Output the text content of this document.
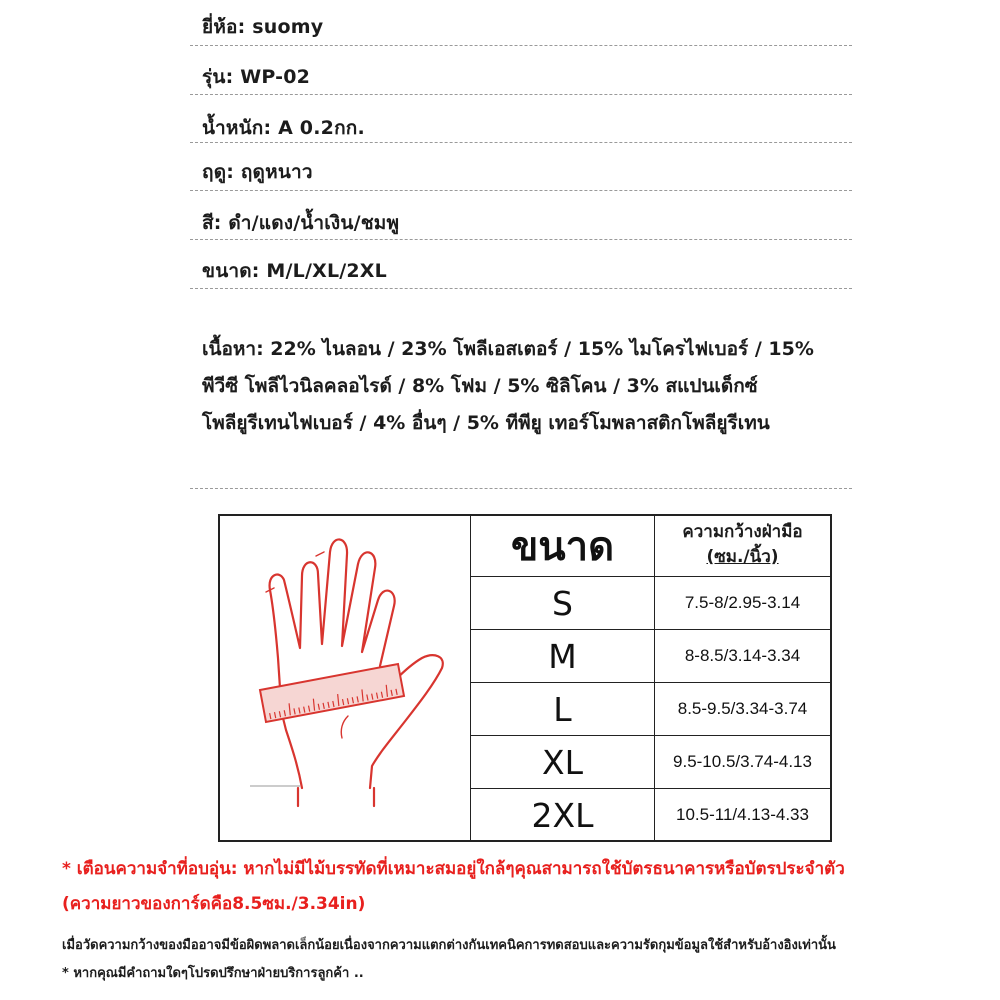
ยี่ห้อ: suomy
รุ่น: WP-02
น้ำหนัก: A 0.2กก.
ฤดู: ฤดูหนาว
สี: ดำ/แดง/น้ำเงิน/ชมพู
ขนาด: M/L/XL/2XL
เนื้อหา: 22% ไนลอน / 23% โพลีเอสเตอร์ / 15% ไมโครไฟเบอร์ / 15%
พีวีซี โพลีไวนิลคลอไรด์ / 8% โฟม / 5% ซิลิโคน / 3% สแปนเด็กซ์
โพลียูรีเทนไฟเบอร์ / 4% อื่นๆ / 5% ทีพียู เทอร์โมพลาสติกโพลียูรีเทน
ขนาด	ความกว้างฝ่ามือ
(ซม./นิ้ว)
S
M
L
XL
2XL
7.5-8/2.95-3.14
8-8.5/3.14-3.34
8.5-9.5/3.34-3.74
9.5-10.5/3.74-4.13
10.5-11/4.13-4.33
* เตือนความจำที่อบอุ่น: หากไม่มีไม้บรรทัดที่เหมาะสมอยู่ใกล้ๆคุณสามารถใช้บัตรธนาคารหรือบัตรประจำตัว
(ความยาวของการ์ดคือ8.5ซม./3.34in)
เมื่อวัดความกว้างของมืออาจมีข้อผิดพลาดเล็กน้อยเนื่องจากความแตกต่างกันเทคนิคการทดสอบและความรัดกุมข้อมูลใช้สำหรับอ้างอิงเท่านั้น
* หากคุณมีคำถามใดๆโปรดปรึกษาฝ่ายบริการลูกค้า ..
